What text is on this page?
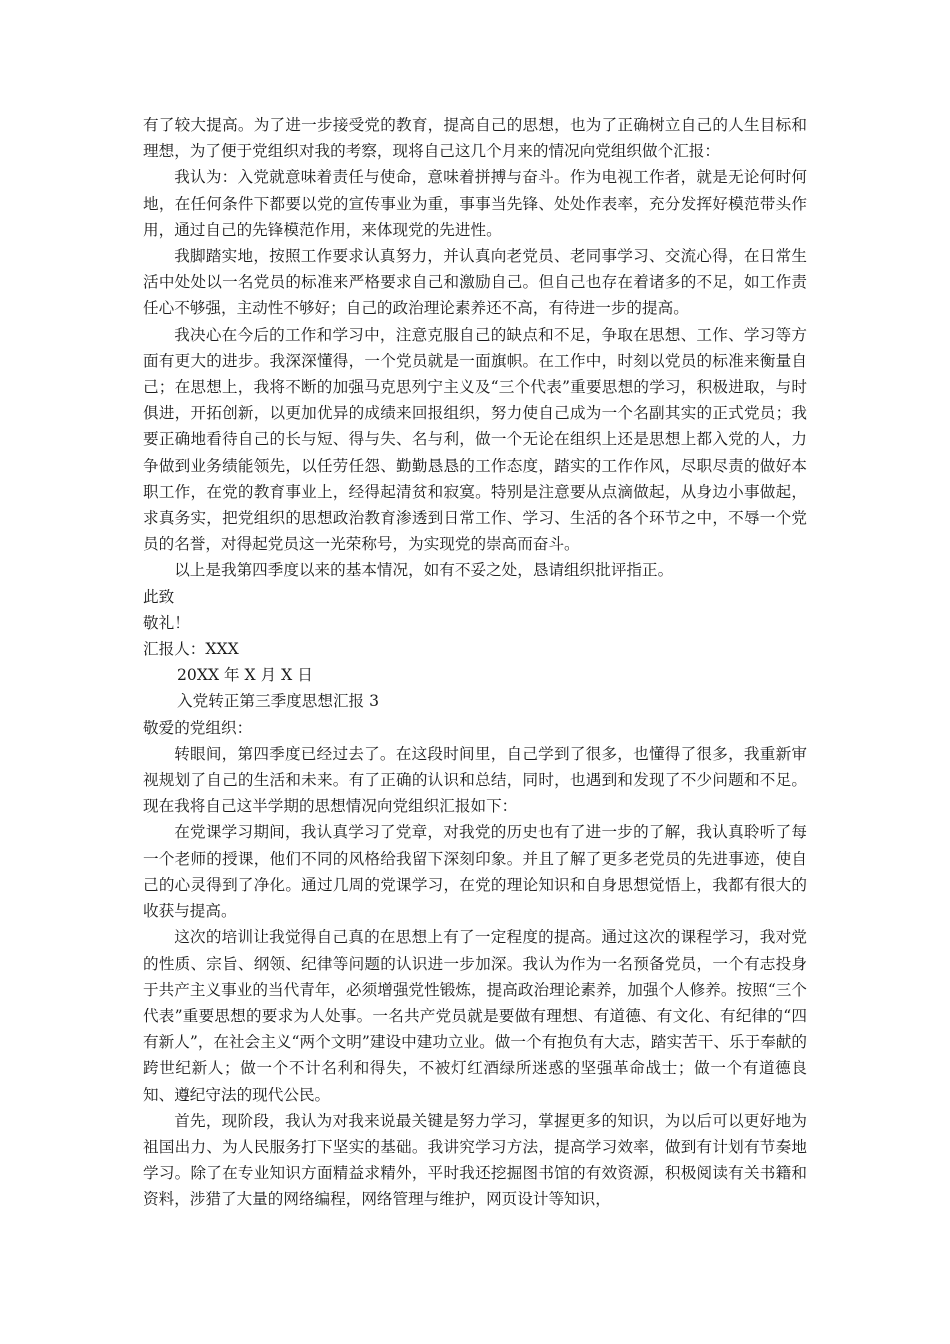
有了较大提高。为了进一步接受党的教育，提高自己的思想，也为了正确树立自己的人生目标和理想，为了便于党组织对我的考察，现将自己这几个月来的情况向党组织做个汇报：

我认为：入党就意味着责任与使命，意味着拼搏与奋斗。作为电视工作者，就是无论何时何地，在任何条件下都要以党的宣传事业为重，事事当先锋、处处作表率，充分发挥好模范带头作用，通过自己的先锋模范作用，来体现党的先进性。

我脚踏实地，按照工作要求认真努力，并认真向老党员、老同事学习、交流心得，在日常生活中处处以一名党员的标准来严格要求自己和激励自己。但自己也存在着诸多的不足，如工作责任心不够强，主动性不够好；自己的政治理论素养还不高，有待进一步的提高。

我决心在今后的工作和学习中，注意克服自己的缺点和不足，争取在思想、工作、学习等方面有更大的进步。我深深懂得，一个党员就是一面旗帜。在工作中，时刻以党员的标准来衡量自己；在思想上，我将不断的加强马克思列宁主义及“三个代表”重要思想的学习，积极进取，与时俱进，开拓创新，以更加优异的成绩来回报组织，努力使自己成为一个名副其实的正式党员；我要正确地看待自己的长与短、得与失、名与利，做一个无论在组织上还是思想上都入党的人，力争做到业务绩能领先，以任劳任怨、勤勤恳恳的工作态度，踏实的工作作风，尽职尽责的做好本职工作，在党的教育事业上，经得起清贫和寂寞。特别是注意要从点滴做起，从身边小事做起，求真务实，把党组织的思想政治教育渗透到日常工作、学习、生活的各个环节之中，不辱一个党员的名誉，对得起党员这一光荣称号，为实现党的崇高而奋斗。

以上是我第四季度以来的基本情况，如有不妥之处，恳请组织批评指正。

此致

敬礼！

汇报人：XXX

20XX 年 X 月 X 日

入党转正第三季度思想汇报 3

敬爱的党组织：

转眼间，第四季度已经过去了。在这段时间里，自己学到了很多，也懂得了很多，我重新审视规划了自己的生活和未来。有了正确的认识和总结，同时，也遇到和发现了不少问题和不足。现在我将自己这半学期的思想情况向党组织汇报如下：

在党课学习期间，我认真学习了党章，对我党的历史也有了进一步的了解，我认真聆听了每一个老师的授课，他们不同的风格给我留下深刻印象。并且了解了更多老党员的先进事迹，使自己的心灵得到了净化。通过几周的党课学习，在党的理论知识和自身思想觉悟上，我都有很大的收获与提高。

这次的培训让我觉得自己真的在思想上有了一定程度的提高。通过这次的课程学习，我对党的性质、宗旨、纲领、纪律等问题的认识进一步加深。我认为作为一名预备党员，一个有志投身于共产主义事业的当代青年，必须增强党性锻炼，提高政治理论素养，加强个人修养。按照“三个代表”重要思想的要求为人处事。一名共产党员就是要做有理想、有道德、有文化、有纪律的“四有新人”，在社会主义“两个文明”建设中建功立业。做一个有抱负有大志，踏实苦干、乐于奉献的跨世纪新人；做一个不计名利和得失，不被灯红酒绿所迷惑的坚强革命战士；做一个有道德良知、遵纪守法的现代公民。

首先，现阶段，我认为对我来说最关键是努力学习，掌握更多的知识，为以后可以更好地为祖国出力、为人民服务打下坚实的基础。我讲究学习方法，提高学习效率，做到有计划有节奏地学习。除了在专业知识方面精益求精外，平时我还挖掘图书馆的有效资源，积极阅读有关书籍和资料，涉猎了大量的网络编程，网络管理与维护，网页设计等知识，
